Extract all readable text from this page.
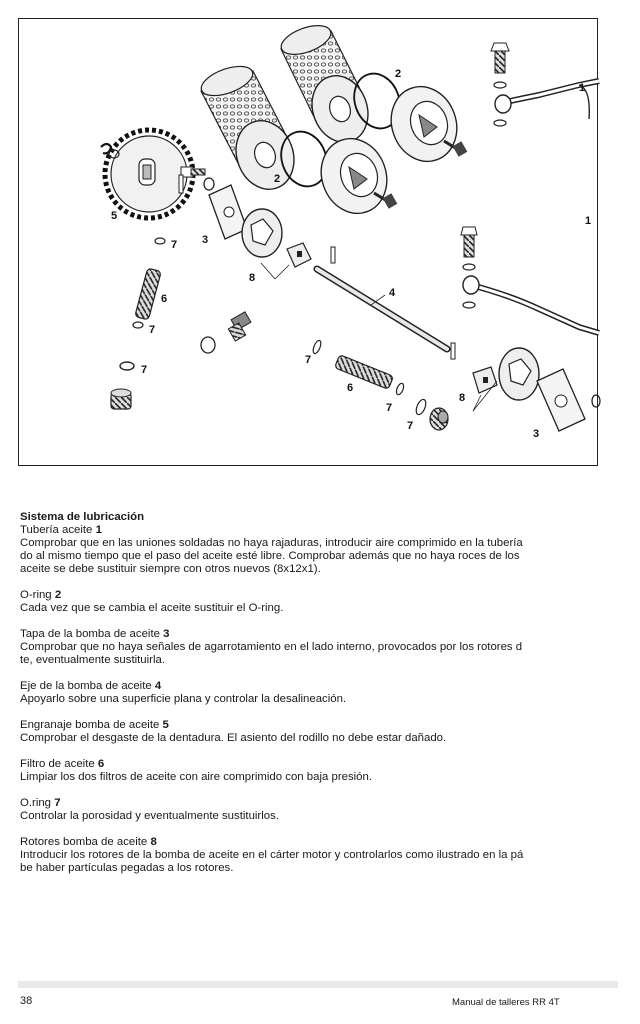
1
1
2
2
3
3
4
5
6
6
7
7
7
7
7
7
8
8
Sistema de lubricación

Tubería aceite 1

Comprobar que en las uniones soldadas no haya rajaduras, introducir aire comprimido en la tubería

do al mismo tiempo que el paso del aceite esté libre. Comprobar además que no haya roces de los

aceite se debe sustituir siempre con otros nuevos (8x12x1).

O-ring 2

Cada vez que se cambia el aceite sustituir el O-ring.

Tapa de la bomba de aceite 3

Comprobar que no haya señales de agarrotamiento en el lado interno, provocados por los rotores d

te, eventualmente sustituirla.

Eje de la bomba de aceite 4

Apoyarlo sobre una superficie plana y controlar la desalineación.

Engranaje bomba de aceite 5

Comprobar el desgaste de la dentadura. El asiento del rodillo no debe estar dañado.

Filtro de aceite 6

Limpiar los dos filtros de aceite con aire comprimido con baja presión.

O.ring 7

Controlar la porosidad y eventualmente sustituirlos.

Rotores bomba de aceite 8

Introducir los rotores de la bomba de aceite en el cárter motor y controlarlos como ilustrado en la pá

be haber partículas pegadas a los rotores.

38	Manual de talleres RR 4T
